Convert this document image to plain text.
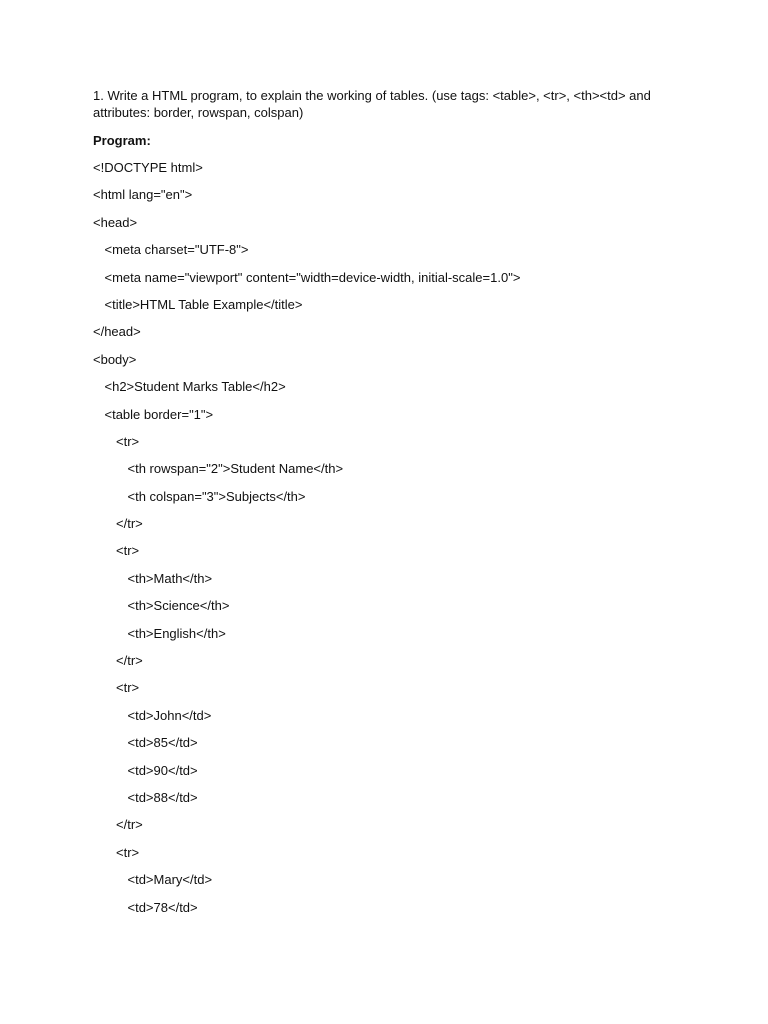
1. Write a HTML program, to explain the working of tables. (use tags: <table>, <tr>, <th><td> and attributes: border, rowspan, colspan)
Program:
<!DOCTYPE html>
<html lang="en">
<head>
<meta charset="UTF-8">
<meta name="viewport" content="width=device-width, initial-scale=1.0">
<title>HTML Table Example</title>
</head>
<body>
<h2>Student Marks Table</h2>
<table border="1">
<tr>
<th rowspan="2">Student Name</th>
<th colspan="3">Subjects</th>
</tr>
<tr>
<th>Math</th>
<th>Science</th>
<th>English</th>
</tr>
<tr>
<td>John</td>
<td>85</td>
<td>90</td>
<td>88</td>
</tr>
<tr>
<td>Mary</td>
<td>78</td>
